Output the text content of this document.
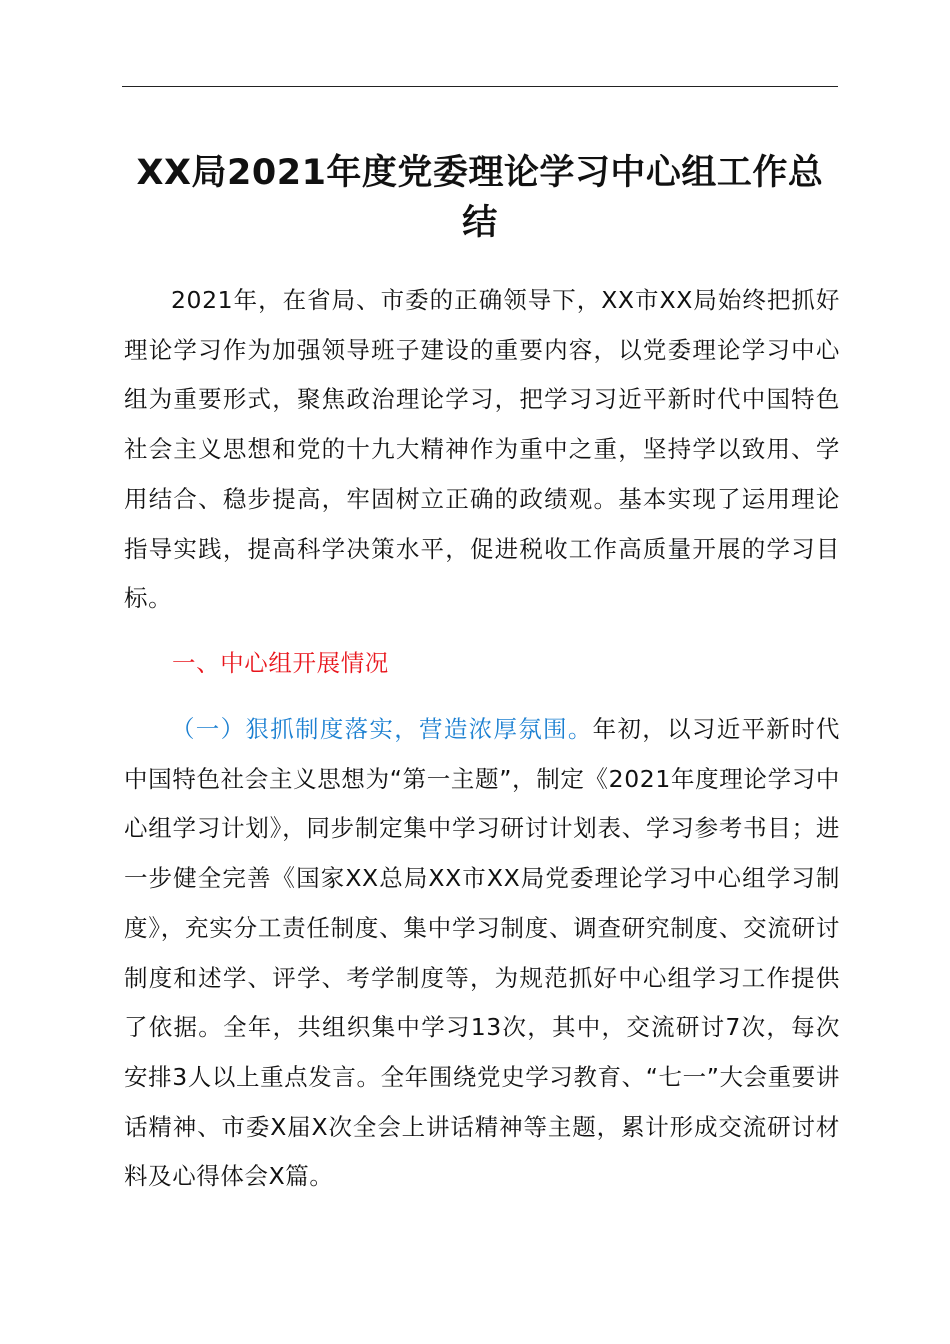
XX局2021年度党委理论学习中心组工作总结

2021年，在省局、市委的正确领导下，XX市XX局始终把抓好理论学习作为加强领导班子建设的重要内容，以党委理论学习中心组为重要形式，聚焦政治理论学习，把学习习近平新时代中国特色社会主义思想和党的十九大精神作为重中之重，坚持学以致用、学用结合、稳步提高，牢固树立正确的政绩观。基本实现了运用理论指导实践，提高科学决策水平，促进税收工作高质量开展的学习目标。

一、中心组开展情况

（一）狠抓制度落实，营造浓厚氛围。年初，以习近平新时代中国特色社会主义思想为“第一主题”，制定《2021年度理论学习中心组学习计划》，同步制定集中学习研讨计划表、学习参考书目；进一步健全完善《国家XX总局XX市XX局党委理论学习中心组学习制度》，充实分工责任制度、集中学习制度、调查研究制度、交流研讨制度和述学、评学、考学制度等，为规范抓好中心组学习工作提供了依据。全年，共组织集中学习13次，其中，交流研讨7次，每次安排3人以上重点发言。全年围绕党史学习教育、“七一”大会重要讲话精神、市委X届X次全会上讲话精神等主题，累计形成交流研讨材料及心得体会X篇。
